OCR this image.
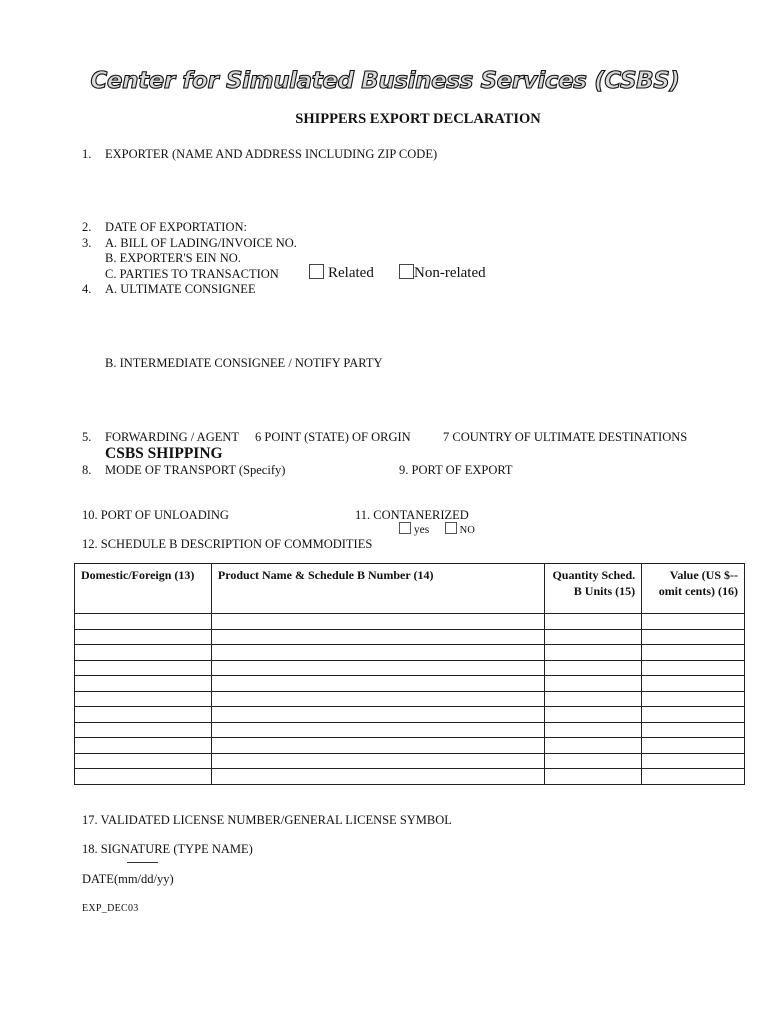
Center for Simulated Business Services (CSBS)
SHIPPERS EXPORT DECLARATION
1. EXPORTER (NAME AND ADDRESS INCLUDING ZIP CODE)
2. DATE OF EXPORTATION:
3. A. BILL OF LADING/INVOICE NO.
B. EXPORTER'S EIN NO.
C. PARTIES TO TRANSACTION	Related	Non-related
4. A. ULTIMATE CONSIGNEE
B. INTERMEDIATE CONSIGNEE / NOTIFY PARTY
5. FORWARDING / AGENT 6 POINT (STATE) OF ORGIN	7 COUNTRY OF ULTIMATE DESTINATIONS
CSBS SHIPPING
8. MODE OF TRANSPORT (Specify)	9. PORT OF EXPORT
10. PORT OF UNLOADING	11. CONTANERIZED
yes	NO
12. SCHEDULE B DESCRIPTION OF COMMODITIES
Domestic/Foreign (13)	Product Name & Schedule B Number (14)	Quantity Sched. B Units (15)	Value (US $--omit cents) (16)

17. VALIDATED LICENSE NUMBER/GENERAL LICENSE SYMBOL
18. SIGNATURE (TYPE NAME)
DATE(mm/dd/yy)
EXP_DEC03
